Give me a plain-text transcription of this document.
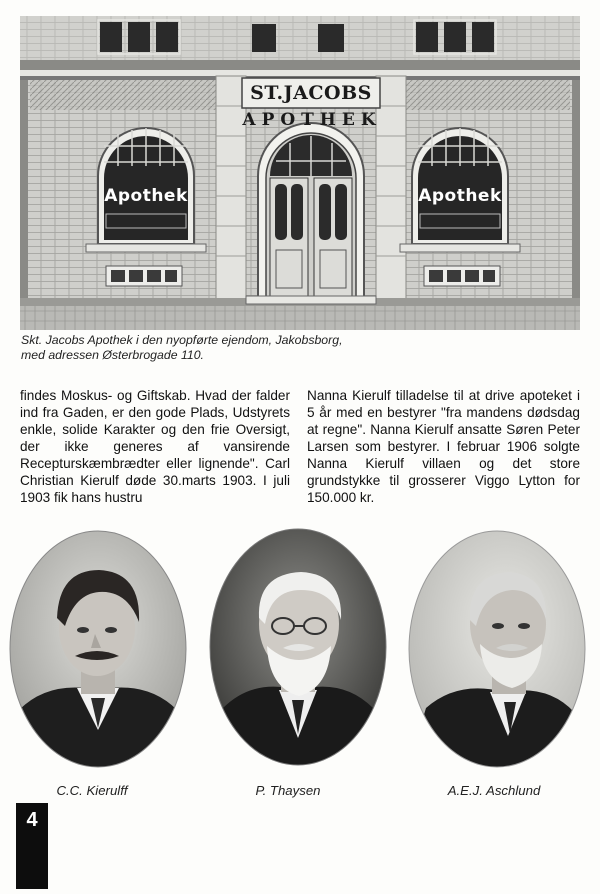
ST.JACOBS
APOTHEK
Apothek	Apothek
Skt. Jacobs Apothek i den nyopførte ejendom, Jakobsborg,
med adressen Østerbrogade 110.

findes Moskus- og Giftskab. Hvad der falder ind fra Gaden, er den gode Plads, Udstyrets enkle, solide Karakter og den frie Oversigt, der ikke generes af vansirende Recepturskæmbrædter eller lignende". Carl Christian Kierulf døde 30.marts 1903. I juli 1903 fik hans hustru

Nanna Kierulf tilladelse til at drive apoteket i 5 år med en bestyrer "fra mandens dødsdag at regne". Nanna Kierulf ansatte Søren Peter Larsen som bestyrer. I februar 1906 solgte Nanna Kierulf villaen og det store grundstykke til grosserer Viggo Lytton for 150.000 kr.

C.C. Kierulff	P. Thaysen	A.E.J. Aschlund
4
